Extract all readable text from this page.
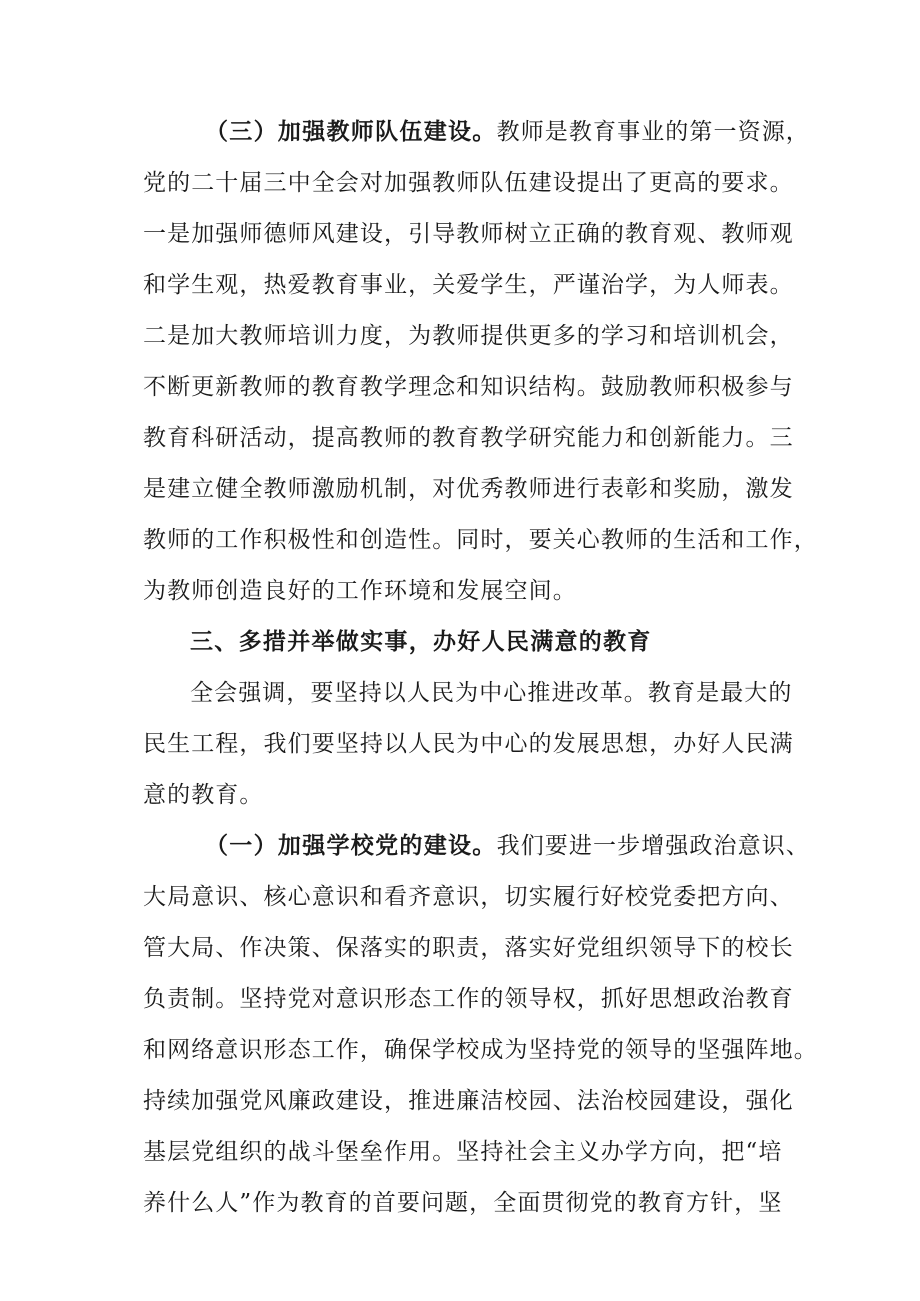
（三）加强教师队伍建设。教师是教育事业的第一资源，
党的二十届三中全会对加强教师队伍建设提出了更高的要求。
一是加强师德师风建设，引导教师树立正确的教育观、教师观
和学生观，热爱教育事业，关爱学生，严谨治学，为人师表。
二是加大教师培训力度，为教师提供更多的学习和培训机会，
不断更新教师的教育教学理念和知识结构。鼓励教师积极参与
教育科研活动，提高教师的教育教学研究能力和创新能力。三
是建立健全教师激励机制，对优秀教师进行表彰和奖励，激发
教师的工作积极性和创造性。同时，要关心教师的生活和工作，
为教师创造良好的工作环境和发展空间。
三、多措并举做实事，办好人民满意的教育
全会强调，要坚持以人民为中心推进改革。教育是最大的
民生工程，我们要坚持以人民为中心的发展思想，办好人民满
意的教育。
（一）加强学校党的建设。我们要进一步增强政治意识、
大局意识、核心意识和看齐意识，切实履行好校党委把方向、
管大局、作决策、保落实的职责，落实好党组织领导下的校长
负责制。坚持党对意识形态工作的领导权，抓好思想政治教育
和网络意识形态工作，确保学校成为坚持党的领导的坚强阵地。
持续加强党风廉政建设，推进廉洁校园、法治校园建设，强化
基层党组织的战斗堡垒作用。坚持社会主义办学方向，把“培
养什么人”作为教育的首要问题，全面贯彻党的教育方针，坚
